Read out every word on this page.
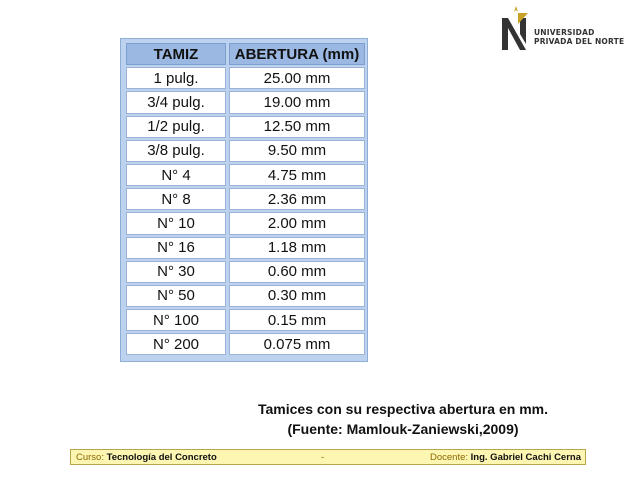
UNIVERSIDAD
PRIVADA DEL NORTE
TAMIZ	ABERTURA (mm)
1 pulg.	25.00 mm
3/4 pulg.	19.00 mm
1/2 pulg.	12.50 mm
3/8 pulg.	9.50 mm
N° 4	4.75 mm
N° 8	2.36 mm
N° 10	2.00 mm
N° 16	1.18 mm
N° 30	0.60 mm
N° 50	0.30 mm
N° 100	0.15 mm
N° 200	0.075 mm
Tamices con su respectiva abertura en mm.
(Fuente: Mamlouk-Zaniewski,2009)
Curso: Tecnología del Concreto	-	Docente: Ing. Gabriel Cachi Cerna
